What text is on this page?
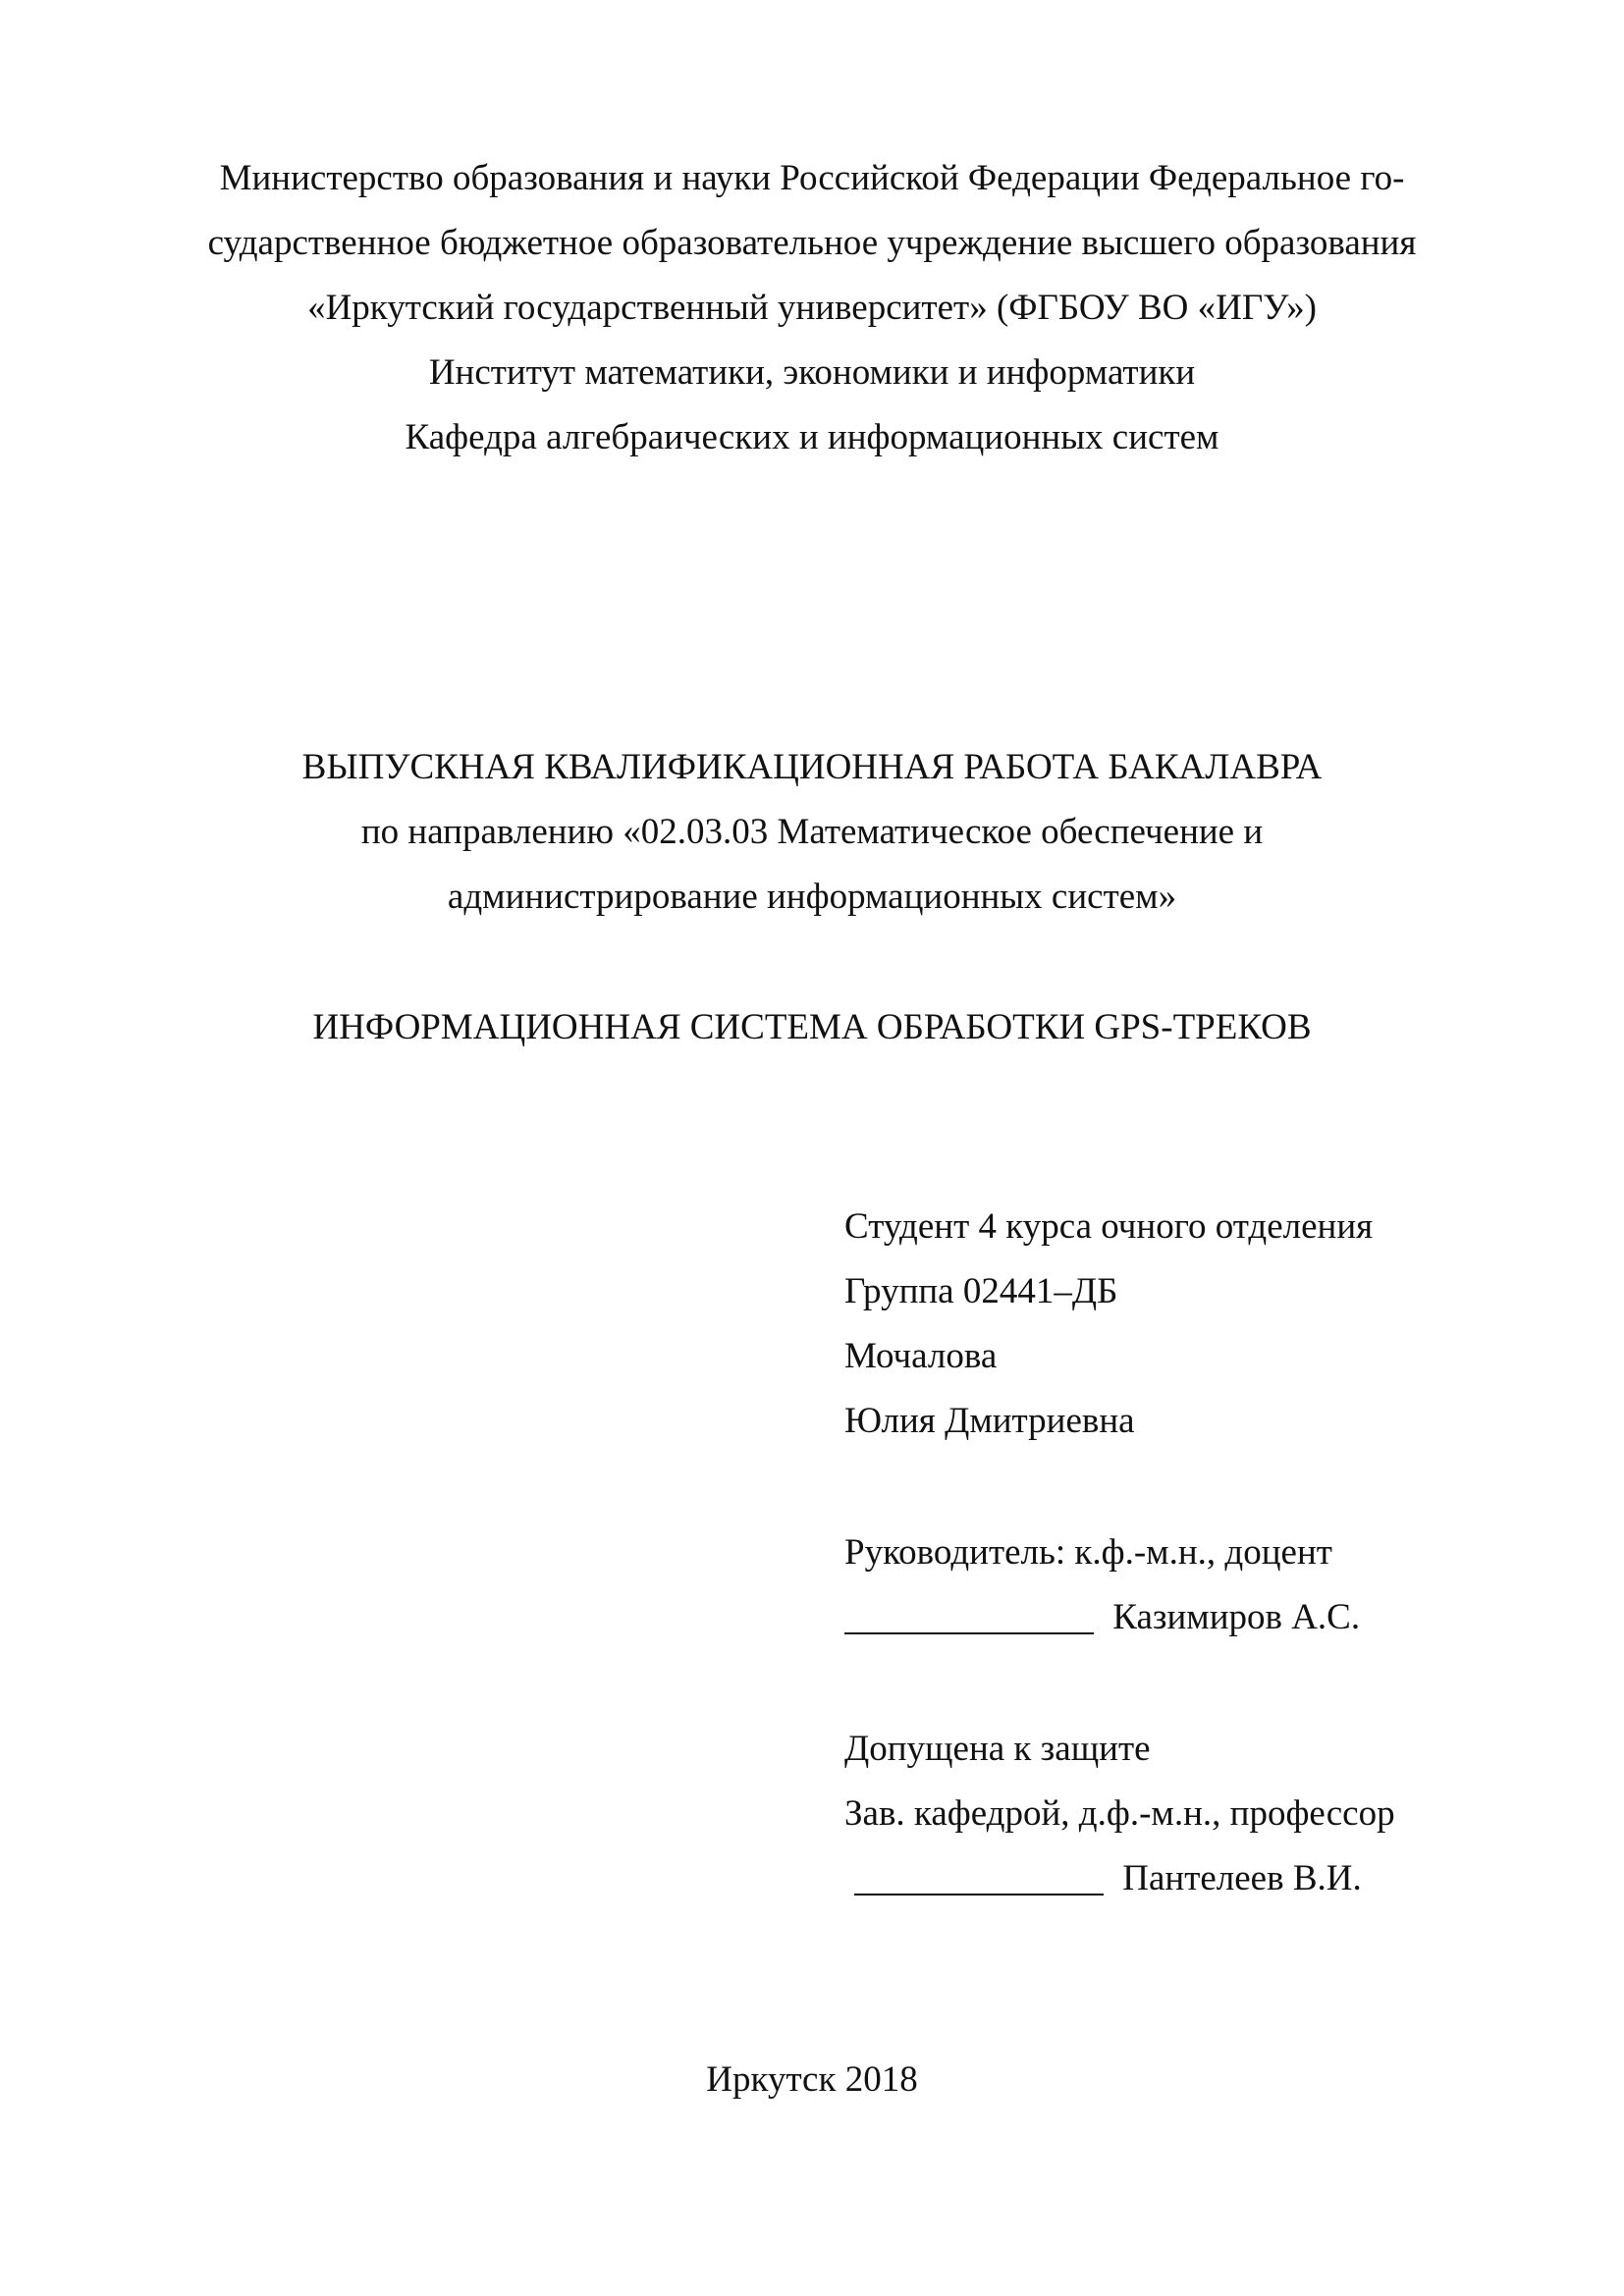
Министерство образования и науки Российской Федерации Федеральное го-
сударственное бюджетное образовательное учреждение высшего образования
«Иркутский государственный университет» (ФГБОУ ВО «ИГУ»)
Институт математики, экономики и информатики
Кафедра алгебраических и информационных систем
ВЫПУСКНАЯ КВАЛИФИКАЦИОННАЯ РАБОТА БАКАЛАВРА
по направлению «02.03.03 Математическое обеспечение и
администрирование информационных систем»
ИНФОРМАЦИОННАЯ СИСТЕМА ОБРАБОТКИ GPS-ТРЕКОВ
Студент 4 курса очного отделения
Группа 02441–ДБ
Мочалова
Юлия Дмитриевна
Руководитель: к.ф.-м.н., доцент
Казимиров А.С.
Допущена к защите
Зав. кафедрой, д.ф.-м.н., профессор
Пантелеев В.И.
Иркутск 2018
